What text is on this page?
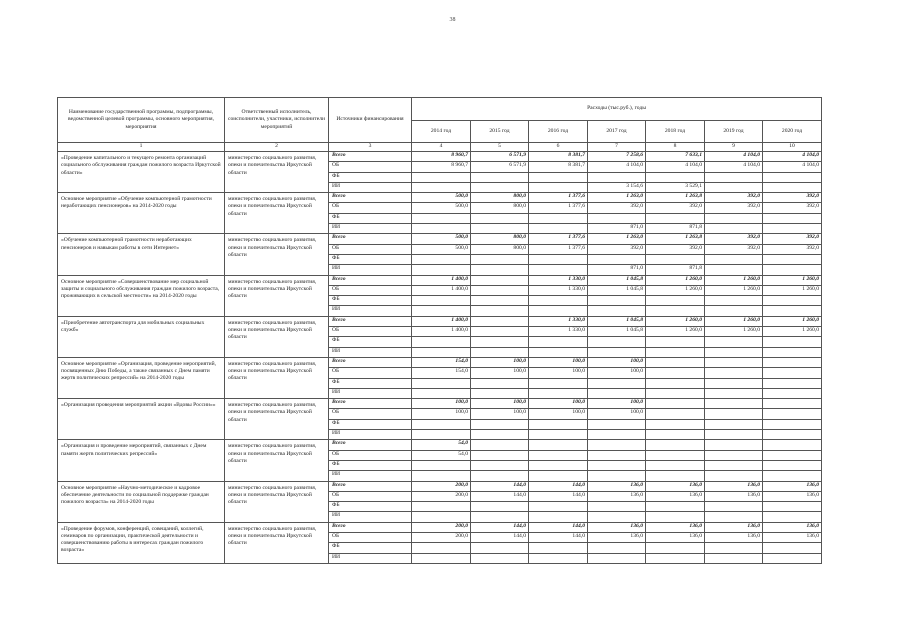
38
Наименование государственной программы, подпрограммы, ведомственной целевой программы, основного мероприятия, мероприятия	Ответственный исполнитель, соисполнители, участники, исполнители мероприятий	Источники финансирования	Расходы (тыс.руб.), годы						
			2014 год	2015 год	2016 год	2017 год	2018 год	2019 год	2020 год
1	2	3	4	5	6	7	8	9	10
«Проведение капитального и текущего ремонта организаций социального обслуживания граждан пожилого возраста Иркутской области»	министерство социального развития, опеки и попечительства Иркутской области	Всего	8 960,7	6 571,9	8 381,7	7 258,6	7 633,1	4 104,0	4 104,0
		ОБ	8 960,7	6 571,9	8 381,7	4 104,0	4 104,0	4 104,0	4 104,0
		ФБ							
		ИИ				3 154,6	3 529,1		
Основное мероприятие «Обучение компьютерной грамотности неработающих пенсионеров» на 2014-2020 годы	министерство социального развития, опеки и попечительства Иркутской области	Всего	500,0	800,0	1 377,6	1 263,0	1 263,8	392,0	392,0
		ОБ	500,0	800,0	1 377,6	392,0	392,0	392,0	392,0
		ФБ							
		ИИ				871,0	871,8		
«Обучение компьютерной грамотности неработающих пенсионеров и навыкам работы в сети Интернет»	министерство социального развития, опеки и попечительства Иркутской области	Всего	500,0	800,0	1 377,6	1 263,0	1 263,8	392,0	392,0
		ОБ	500,0	800,0	1 377,6	392,0	392,0	392,0	392,0
		ФБ							
		ИИ				871,0	871,8		
Основное мероприятие «Совершенствование мер социальной защиты и социального обслуживания граждан пожилого возраста, проживающих в сельской местности» на 2014-2020 годы	министерство социального развития, опеки и попечительства Иркутской области	Всего	1 400,0		1 330,0	1 045,8	1 260,0	1 260,0	1 260,0
		ОБ	1 400,0		1 330,0	1 045,8	1 260,0	1 260,0	1 260,0
		ФБ							
		ИИ							
«Приобретение автотранспорта для мобильных социальных служб»	министерство социального развития, опеки и попечительства Иркутской области	Всего	1 400,0		1 330,0	1 045,8	1 260,0	1 260,0	1 260,0
		ОБ	1 400,0		1 330,0	1 045,8	1 260,0	1 260,0	1 260,0
		ФБ							
		ИИ							
Основное мероприятие «Организация, проведение мероприятий, посвященных Дню Победы, а также связанных с Днем памяти жертв политических репрессий» на 2014-2020 годы	министерство социального развития, опеки и попечительства Иркутской области	Всего	154,0	100,0	100,0	100,0			
		ОБ	154,0	100,0	100,0	100,0			
		ФБ							
		ИИ							
«Организация проведения мероприятий акции «Вдовы России»»	министерство социального развития, опеки и попечительства Иркутской области	Всего	100,0	100,0	100,0	100,0			
		ОБ	100,0	100,0	100,0	100,0			
		ФБ							
		ИИ							
«Организация и проведение мероприятий, связанных с Днем памяти жертв политических репрессий»	министерство социального развития, опеки и попечительства Иркутской области	Всего	54,0						
		ОБ	54,0						
		ФБ							
		ИИ							
Основное мероприятие «Научно-методическое и кадровое обеспечение деятельности по социальной поддержке граждан пожилого возраста» на 2014-2020 годы	министерство социального развития, опеки и попечительства Иркутской области	Всего	200,0	144,0	144,0	136,0	136,0	136,0	136,0
		ОБ	200,0	144,0	144,0	136,0	136,0	136,0	136,0
		ФБ							
		ИИ							
«Проведение форумов, конференций, совещаний, коллегий, семинаров по организации, практической деятельности и совершенствованию работы в интересах граждан пожилого возраста»	министерство социального развития, опеки и попечительства Иркутской области	Всего	200,0	144,0	144,0	136,0	136,0	136,0	136,0
		ОБ	200,0	144,0	144,0	136,0	136,0	136,0	136,0
		ФБ							
		ИИ							
